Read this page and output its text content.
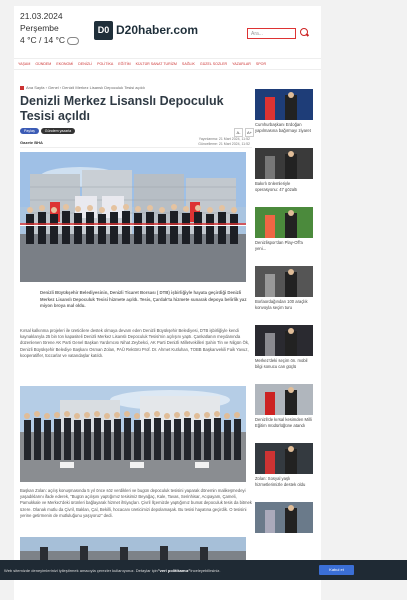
21.03.2024
Perşembe
4 °C / 14 °C
D0 D20haber.com	Ara...
YAŞAM GÜNDEM EKONOMİ DENİZLİ POLİTİKA EĞİTİM KÜLTÜR SANAT TURİZM SAĞLIK GÜZEL SOZLER YAZARLAR SPOR
Ana Sayfa › Genel › Denizli Merkez Lisanslı Depoculuk Tesisi açıldı
Denizli Merkez Lisanslı Depoculuk Tesisi açıldı
Paylaş	Gündem yazarla	A-	A+
Gazete BHA
Yayınlanma: 21 Mart 2024, 11:52
Güncelleme: 21 Mart 2024, 11:52
Denizli Büyükşehir Belediyesinin, Denizli Ticaret Borsası ( DTB) işbirliğiyle hayata geçirdiği Denizli Merkez Lisanslı Depoculuk Tesisi hizmete açıldı. Tesis, Çardak'ta hizmete sunarak depoya belirlik yaz miyon broya mal oldu.
Kırsal kalkınma projeleri ile üreticilere destek olmaya devam eden Denizli Büyükşehir Belediyesi, DTB işbirliğiyle kendi kaynaklarıyla 25 bin ton kapasiteli Denizli Merkez Lisanslı Depoculuk Tesisi'nin açılışını yaptı. Çankatlanın meydanında düzenlenen törene AK Parti Genel Başkan Yardımcısı Nihat Zeybekci, AK Parti Denizli Milletvekilleri Şahin Tin ve Nilgün Ök, Denizli Büyükşehir Belediye Başkanı Osman Zolan, PAÜ Rektörü Prof. Dr. Ahmet Kutluhan, TOBB Başkanvekili Faik Yavuz, kooperatifler, tüccarlar ve vatandaşlar katıldı.
Başkan Zolan: açılış konuşmasında 5 yıl önce söz verdikleri ve bugün depoculuk tesisini yaparak dönemin malikeşmedeyi yaşadıklarını ifade ederek, "Bugün açılışını yaptığımız tesisimiz Beyağaç, Kale, Tavas, Serinhisar, Acıpayam, Çameli, Pamukkale ve Merkez'deki ürünleri bağlayarak hizmet ihtiyaçları. Çivril İlçemizde yaptığımız bumat depoculuk tesis da bitmek üzere. Olanak mutlu da Çivril, Baklan, Çal, Bekilli, hocacanı üreticimizi depolamaşak. Bu tesisi hayatına geçirdik. O tesisini yerine getirmenin de mutluluğunu yaşıyoruz" dedi.
Cumhurbaşkanı Erdoğan yapılmasına bağırmayı ziyaret
Bakırlı önlemleriyle operasyonu: 47 gözaltı
Denizlispor'dan Play-Off'a yeni...
Borlaordağından 100 araçlık konvoyla seçim turu
Merkez'deki seçim ön. mobil bilgi sonucu can güçlü
Denizli'de kırsal kesimden Milli Eğitim müdürlüğüne atandı
Zolan: Sosyal yaşlı hizmetlerimizle destek oldu
Web sitemizde deneyimlerinizi iyileştirmek amacıyla çerezler kullanıyoruz. Detaylar için "veri politikamız" inceleyebilirsiniz.	Kabul et
